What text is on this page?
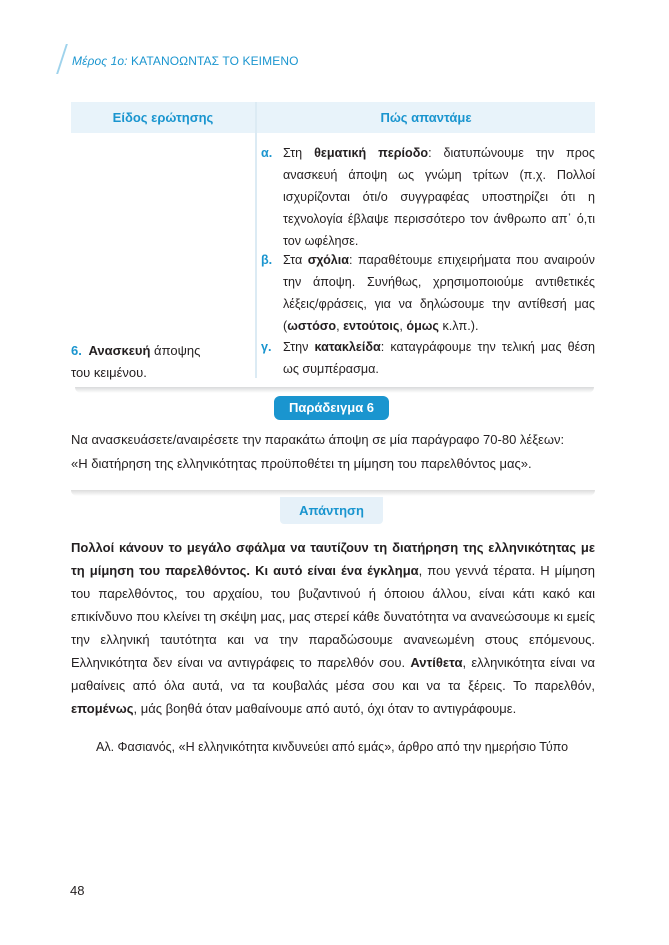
Μέρος 1ο: ΚΑΤΑΝΟΩΝΤΑΣ ΤΟ ΚΕΙΜΕΝΟ
Είδος ερώτησης	Πώς απαντάμε
6. Ανασκευή άποψης
του κειμένου.
α. Στη θεματική περίοδο: διατυπώνουμε την προς ανασκευή άποψη ως γνώμη τρίτων (π.χ. Πολλοί ισχυρίζονται ότι/ο συγγραφέας υποστηρίζει ότι η τεχνολογία έβλαψε περισσότερο τον άνθρωπο απ᾽ ό,τι τον ωφέλησε.
β. Στα σχόλια: παραθέτουμε επιχειρήματα που αναιρούν την άποψη. Συνήθως, χρησιμοποιούμε αντιθετικές λέξεις/φράσεις, για να δηλώσουμε την αντίθεσή μας (ωστόσο, εντούτοις, όμως κ.λπ.).
γ. Στην κατακλείδα: καταγράφουμε την τελική μας θέση ως συμπέρασμα.
Παράδειγμα 6
Να ανασκευάσετε/αναιρέσετε την παρακάτω άποψη σε μία παράγραφο 70-80 λέξεων:
«Η διατήρηση της ελληνικότητας προϋποθέτει τη μίμηση του παρελθόντος μας».
Απάντηση
Πολλοί κάνουν το μεγάλο σφάλμα να ταυτίζουν τη διατήρηση της ελληνικότητας με τη μίμηση του παρελθόντος. Κι αυτό είναι ένα έγκλημα, που γεννά τέρατα. Η μίμηση του παρελθόντος, του αρχαίου, του βυζαντινού ή όποιου άλλου, είναι κάτι κακό και επικίνδυνο που κλείνει τη σκέψη μας, μας στερεί κάθε δυνατότητα να ανανεώσουμε κι εμείς την ελληνική ταυτότητα και να την παραδώσουμε ανανεωμένη στους επόμενους. Ελληνικότητα δεν είναι να αντιγράφεις το παρελθόν σου. Αντίθετα, ελληνικότητα είναι να μαθαίνεις από όλα αυτά, να τα κουβαλάς μέσα σου και να τα ξέρεις. Το παρελθόν, επομένως, μάς βοηθά όταν μαθαίνουμε από αυτό, όχι όταν το αντιγράφουμε.
Αλ. Φασιανός, «Η ελληνικότητα κινδυνεύει από εμάς», άρθρο από την ημερήσιο Τύπο
48
